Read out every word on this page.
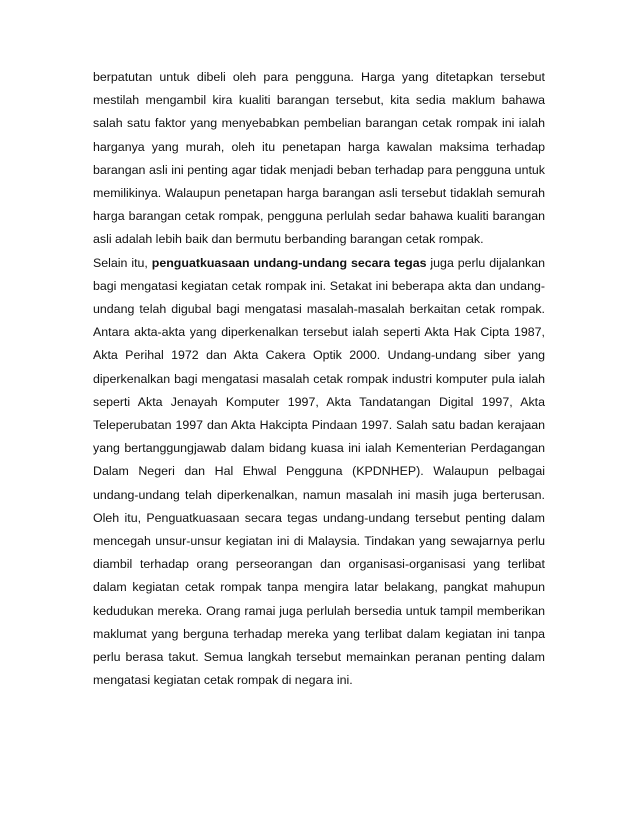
berpatutan untuk dibeli oleh para pengguna. Harga yang ditetapkan tersebut mestilah mengambil kira kualiti barangan tersebut, kita sedia maklum bahawa salah satu faktor yang menyebabkan pembelian barangan cetak rompak ini ialah harganya yang murah, oleh itu penetapan harga kawalan maksima terhadap barangan asli ini penting agar tidak menjadi beban terhadap para pengguna untuk memilikinya. Walaupun penetapan harga barangan asli tersebut tidaklah semurah harga barangan cetak rompak, pengguna perlulah sedar bahawa kualiti barangan asli adalah lebih baik dan bermutu berbanding barangan cetak rompak.

Selain itu, penguatkuasaan undang-undang secara tegas juga perlu dijalankan bagi mengatasi kegiatan cetak rompak ini. Setakat ini beberapa akta dan undang-undang telah digubal bagi mengatasi masalah-masalah berkaitan cetak rompak. Antara akta-akta yang diperkenalkan tersebut ialah seperti Akta Hak Cipta 1987, Akta Perihal 1972 dan Akta Cakera Optik 2000. Undang-undang siber yang diperkenalkan bagi mengatasi masalah cetak rompak industri komputer pula ialah seperti Akta Jenayah Komputer 1997, Akta Tandatangan Digital 1997, Akta Teleperubatan 1997 dan Akta Hakcipta Pindaan 1997. Salah satu badan kerajaan yang bertanggungjawab dalam bidang kuasa ini ialah Kementerian Perdagangan Dalam Negeri dan Hal Ehwal Pengguna (KPDNHEP). Walaupun pelbagai undang-undang telah diperkenalkan, namun masalah ini masih juga berterusan. Oleh itu, Penguatkuasaan secara tegas undang-undang tersebut penting dalam mencegah unsur-unsur kegiatan ini di Malaysia. Tindakan yang sewajarnya perlu diambil terhadap orang perseorangan dan organisasi-organisasi yang terlibat dalam kegiatan cetak rompak tanpa mengira latar belakang, pangkat mahupun kedudukan mereka. Orang ramai juga perlulah bersedia untuk tampil memberikan maklumat yang berguna terhadap mereka yang terlibat dalam kegiatan ini tanpa perlu berasa takut. Semua langkah tersebut memainkan peranan penting dalam mengatasi kegiatan cetak rompak di negara ini.
